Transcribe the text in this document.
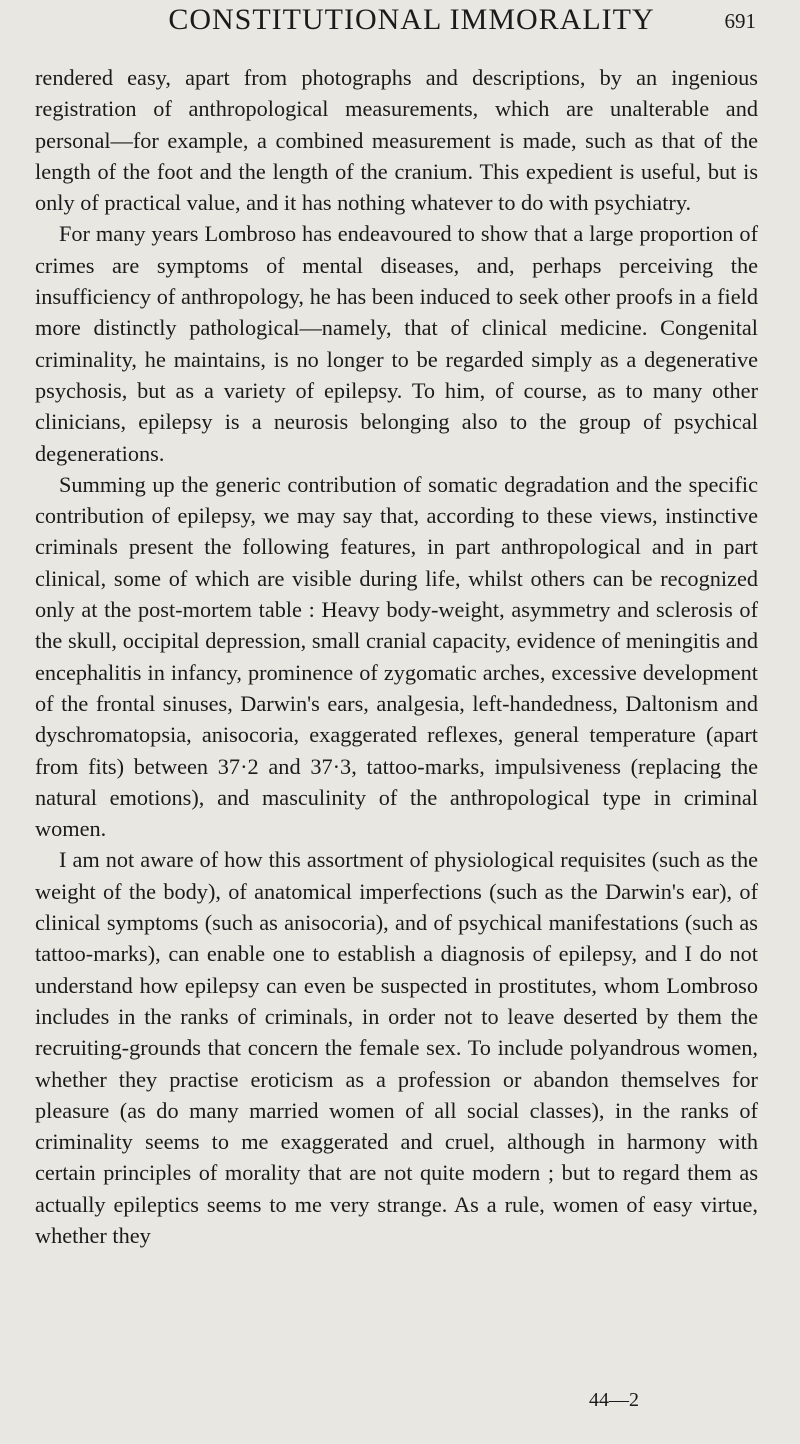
CONSTITUTIONAL IMMORALITY	691

rendered easy, apart from photographs and descriptions, by an ingenious registration of anthropological measurements, which are unalterable and personal—for example, a combined measurement is made, such as that of the length of the foot and the length of the cranium. This expedient is useful, but is only of practical value, and it has nothing whatever to do with psychiatry.

For many years Lombroso has endeavoured to show that a large proportion of crimes are symptoms of mental diseases, and, perhaps perceiving the insufficiency of anthropology, he has been induced to seek other proofs in a field more distinctly pathological—namely, that of clinical medicine. Congenital criminality, he maintains, is no longer to be regarded simply as a degenerative psychosis, but as a variety of epilepsy. To him, of course, as to many other clinicians, epilepsy is a neurosis belonging also to the group of psychical degenerations.

Summing up the generic contribution of somatic degradation and the specific contribution of epilepsy, we may say that, according to these views, instinctive criminals present the following features, in part anthropological and in part clinical, some of which are visible during life, whilst others can be recognized only at the post-mortem table : Heavy body-weight, asymmetry and sclerosis of the skull, occipital depression, small cranial capacity, evidence of meningitis and encephalitis in infancy, prominence of zygomatic arches, excessive development of the frontal sinuses, Darwin's ears, analgesia, left-handedness, Daltonism and dyschromatopsia, anisocoria, exaggerated reflexes, general temperature (apart from fits) between 37·2 and 37·3, tattoo-marks, impulsiveness (replacing the natural emotions), and masculinity of the anthropological type in criminal women.

I am not aware of how this assortment of physiological requisites (such as the weight of the body), of anatomical imperfections (such as the Darwin's ear), of clinical symptoms (such as anisocoria), and of psychical manifestations (such as tattoo-marks), can enable one to establish a diagnosis of epilepsy, and I do not understand how epilepsy can even be suspected in prostitutes, whom Lombroso includes in the ranks of criminals, in order not to leave deserted by them the recruiting-grounds that concern the female sex. To include polyandrous women, whether they practise eroticism as a profession or abandon themselves for pleasure (as do many married women of all social classes), in the ranks of criminality seems to me exaggerated and cruel, although in harmony with certain principles of morality that are not quite modern ; but to regard them as actually epileptics seems to me very strange. As a rule, women of easy virtue, whether they

44—2
